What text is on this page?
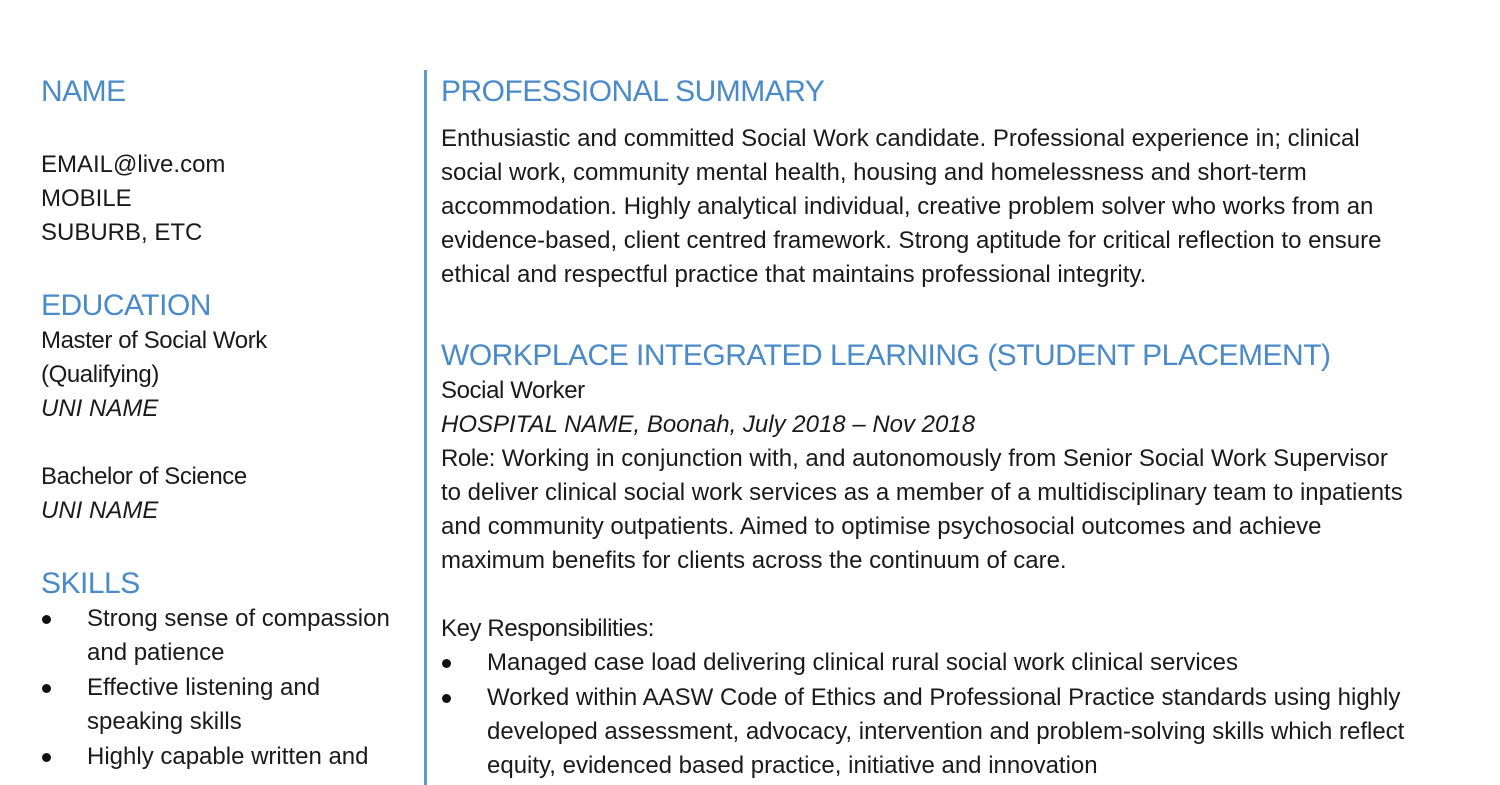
NAME

EMAIL@live.com

MOBILE

SUBURB, ETC

EDUCATION

Master of Social Work

(Qualifying)

UNI NAME

Bachelor of Science

UNI NAME

SKILLS
Strong sense of compassion
and patience
Effective listening and
speaking skills
Highly capable written and
PROFESSIONAL SUMMARY

Enthusiastic and committed Social Work candidate. Professional experience in; clinical

social work, community mental health, housing and homelessness and short-term

accommodation. Highly analytical individual, creative problem solver who works from an

evidence-based, client centred framework. Strong aptitude for critical reflection to ensure

ethical and respectful practice that maintains professional integrity.

WORKPLACE INTEGRATED LEARNING (STUDENT PLACEMENT)

Social Worker

HOSPITAL NAME, Boonah, July 2018 – Nov 2018

Role: Working in conjunction with, and autonomously from Senior Social Work Supervisor

to deliver clinical social work services as a member of a multidisciplinary team to inpatients

and community outpatients. Aimed to optimise psychosocial outcomes and achieve

maximum benefits for clients across the continuum of care.

Key Responsibilities:

Managed case load delivering clinical rural social work clinical services
Worked within AASW Code of Ethics and Professional Practice standards using highly
developed assessment, advocacy, intervention and problem-solving skills which reflect
equity, evidenced based practice, initiative and innovation
